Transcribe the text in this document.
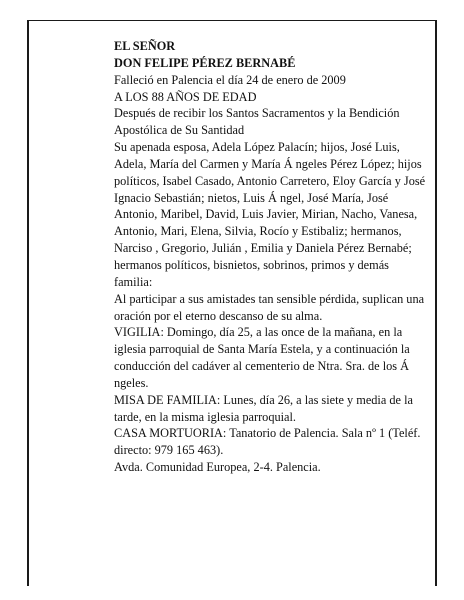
EL SEÑOR

DON FELIPE PÉREZ BERNABÉ

Falleció en Palencia el día 24 de enero de 2009

A LOS 88 AÑOS DE EDAD

Después de recibir los Santos Sacramentos y la Bendición Apostólica de Su Santidad

Su apenada esposa, Adela López Palacín; hijos, José Luis, Adela, María del Carmen y María Á ngeles Pérez López; hijos políticos, Isabel Casado, Antonio Carretero, Eloy García y José Ignacio Sebastián; nietos, Luis Á ngel, José María, José Antonio, Maribel, David, Luis Javier, Mirian, Nacho, Vanesa, Antonio, Mari, Elena, Silvia, Rocío y Estibaliz; hermanos, Narciso , Gregorio, Julián , Emilia y Daniela Pérez Bernabé; hermanos políticos, bisnietos, sobrinos, primos y demás familia:

Al participar a sus amistades tan sensible pérdida, suplican una oración por el eterno descanso de su alma.

VIGILIA: Domingo, día 25, a las once de la mañana, en la iglesia parroquial de Santa María Estela, y a continuación la conducción del cadáver al cementerio de Ntra. Sra. de los Á ngeles.

MISA DE FAMILIA: Lunes, día 26, a las siete y media de la tarde, en la misma iglesia parroquial.

CASA MORTUORIA: Tanatorio de Palencia. Sala nº 1 (Teléf. directo: 979 165 463).

Avda. Comunidad Europea, 2-4. Palencia.
